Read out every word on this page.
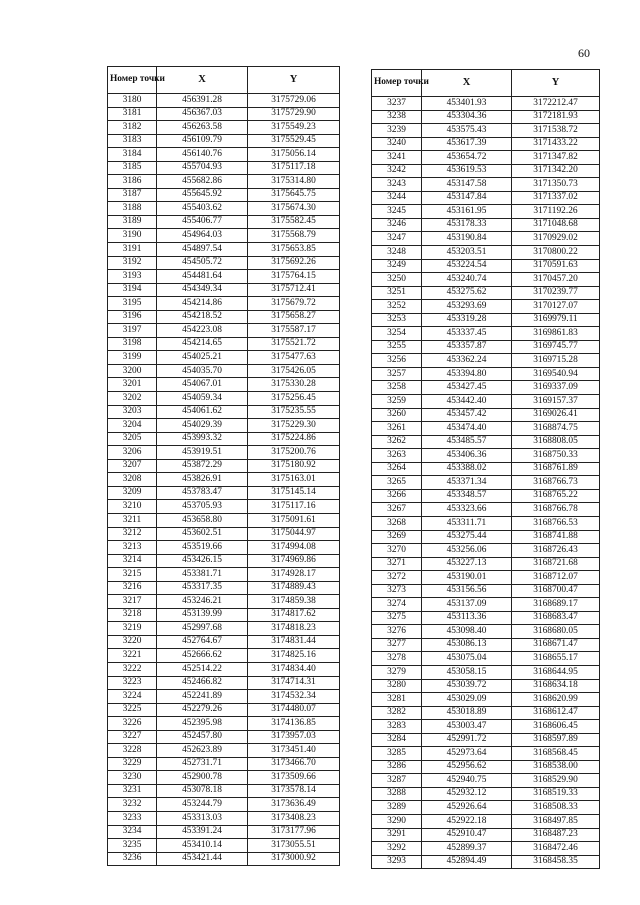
60
Номер точки	X	Y
3180	456391.28	3175729.06
3181	456367.03	3175729.90
3182	456263.58	3175549.23
3183	456109.79	3175529.45
3184	456140.76	3175056.14
3185	455704.93	3175117.18
3186	455682.86	3175314.80
3187	455645.92	3175645.75
3188	455403.62	3175674.30
3189	455406.77	3175582.45
3190	454964.03	3175568.79
3191	454897.54	3175653.85
3192	454505.72	3175692.26
3193	454481.64	3175764.15
3194	454349.34	3175712.41
3195	454214.86	3175679.72
3196	454218.52	3175658.27
3197	454223.08	3175587.17
3198	454214.65	3175521.72
3199	454025.21	3175477.63
3200	454035.70	3175426.05
3201	454067.01	3175330.28
3202	454059.34	3175256.45
3203	454061.62	3175235.55
3204	454029.39	3175229.30
3205	453993.32	3175224.86
3206	453919.51	3175200.76
3207	453872.29	3175180.92
3208	453826.91	3175163.01
3209	453783.47	3175145.14
3210	453705.93	3175117.16
3211	453658.80	3175091.61
3212	453602.51	3175044.97
3213	453519.66	3174994.08
3214	453426.15	3174969.86
3215	453381.71	3174928.17
3216	453317.35	3174889.43
3217	453246.21	3174859.38
3218	453139.99	3174817.62
3219	452997.68	3174818.23
3220	452764.67	3174831.44
3221	452666.62	3174825.16
3222	452514.22	3174834.40
3223	452466.82	3174714.31
3224	452241.89	3174532.34
3225	452279.26	3174480.07
3226	452395.98	3174136.85
3227	452457.80	3173957.03
3228	452623.89	3173451.40
3229	452731.71	3173466.70
3230	452900.78	3173509.66
3231	453078.18	3173578.14
3232	453244.79	3173636.49
3233	453313.03	3173408.23
3234	453391.24	3173177.96
3235	453410.14	3173055.51
3236	453421.44	3173000.92
Номер точки	X	Y
3237	453401.93	3172212.47
3238	453304.36	3172181.93
3239	453575.43	3171538.72
3240	453617.39	3171433.22
3241	453654.72	3171347.82
3242	453619.53	3171342.20
3243	453147.58	3171350.73
3244	453147.84	3171337.02
3245	453161.95	3171192.26
3246	453178.33	3171048.68
3247	453190.84	3170929.02
3248	453203.51	3170800.22
3249	453224.54	3170591.63
3250	453240.74	3170457.20
3251	453275.62	3170239.77
3252	453293.69	3170127.07
3253	453319.28	3169979.11
3254	453337.45	3169861.83
3255	453357.87	3169745.77
3256	453362.24	3169715.28
3257	453394.80	3169540.94
3258	453427.45	3169337.09
3259	453442.40	3169157.37
3260	453457.42	3169026.41
3261	453474.40	3168874.75
3262	453485.57	3168808.05
3263	453406.36	3168750.33
3264	453388.02	3168761.89
3265	453371.34	3168766.73
3266	453348.57	3168765.22
3267	453323.66	3168766.78
3268	453311.71	3168766.53
3269	453275.44	3168741.88
3270	453256.06	3168726.43
3271	453227.13	3168721.68
3272	453190.01	3168712.07
3273	453156.56	3168700.47
3274	453137.09	3168689.17
3275	453113.36	3168683.47
3276	453098.40	3168680.05
3277	453086.13	3168671.47
3278	453075.04	3168655.17
3279	453058.15	3168644.95
3280	453039.72	3168634.18
3281	453029.09	3168620.99
3282	453018.89	3168612.47
3283	453003.47	3168606.45
3284	452991.72	3168597.89
3285	452973.64	3168568.45
3286	452956.62	3168538.00
3287	452940.75	3168529.90
3288	452932.12	3168519.33
3289	452926.64	3168508.33
3290	452922.18	3168497.85
3291	452910.47	3168487.23
3292	452899.37	3168472.46
3293	452894.49	3168458.35
